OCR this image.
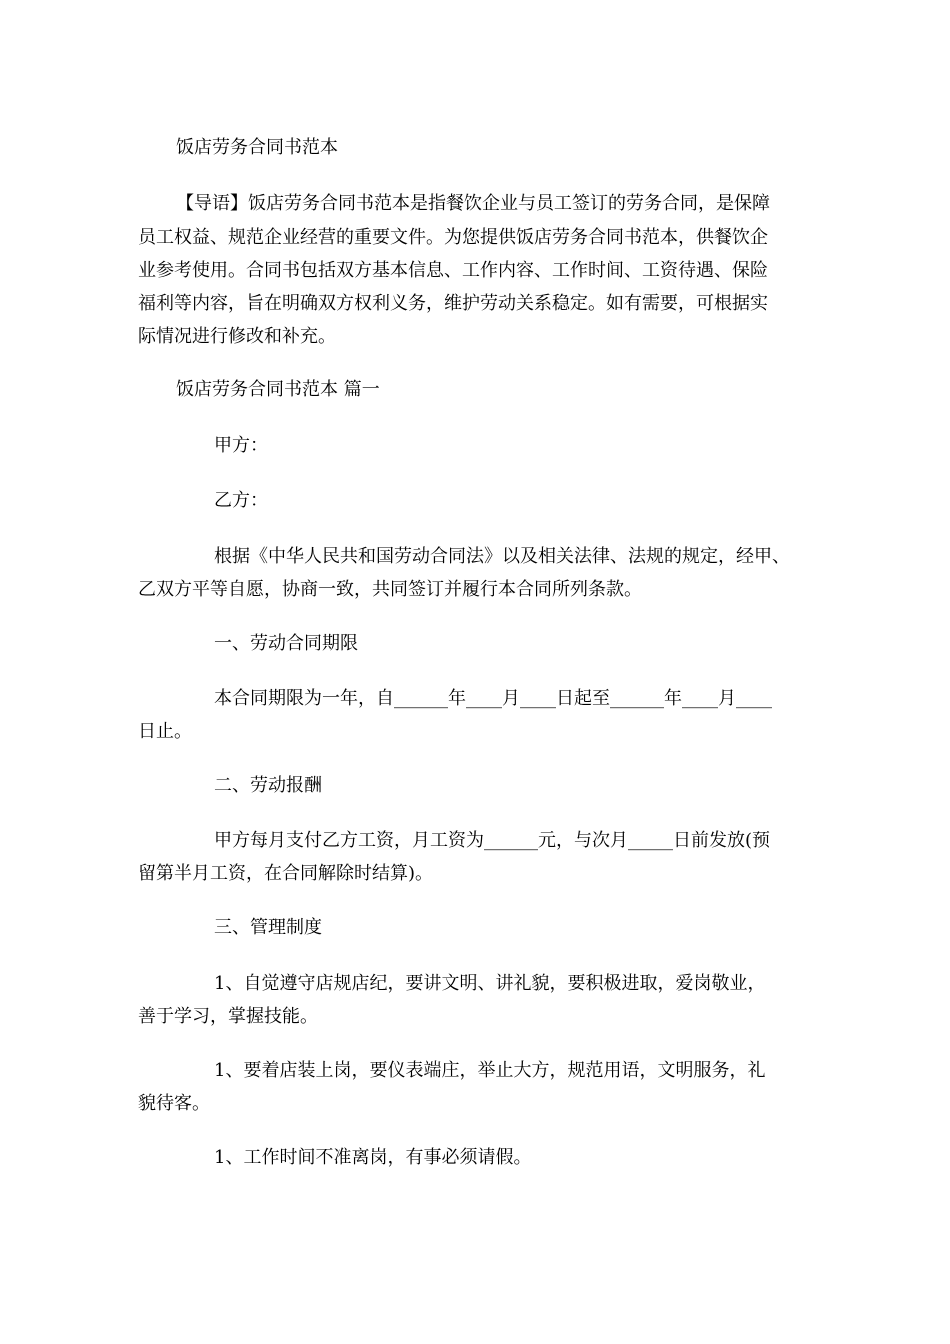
饭店劳务合同书范本
【导语】饭店劳务合同书范本是指餐饮企业与员工签订的劳务合同，是保障
员工权益、规范企业经营的重要文件。为您提供饭店劳务合同书范本，供餐饮企
业参考使用。合同书包括双方基本信息、工作内容、工作时间、工资待遇、保险
福利等内容，旨在明确双方权利义务，维护劳动关系稳定。如有需要，可根据实
际情况进行修改和补充。
饭店劳务合同书范本 篇一
甲方：
乙方：
根据《中华人民共和国劳动合同法》以及相关法律、法规的规定，经甲、
乙双方平等自愿，协商一致，共同签订并履行本合同所列条款。
一、劳动合同期限
本合同期限为一年，自______年____月____日起至______年____月____
日止。
二、劳动报酬
甲方每月支付乙方工资，月工资为______元，与次月_____日前发放(预
留第半月工资，在合同解除时结算)。
三、管理制度
1、自觉遵守店规店纪，要讲文明、讲礼貌，要积极进取，爱岗敬业，
善于学习，掌握技能。
1、要着店装上岗，要仪表端庄，举止大方，规范用语，文明服务，礼
貌待客。
1、工作时间不准离岗，有事必须请假。
